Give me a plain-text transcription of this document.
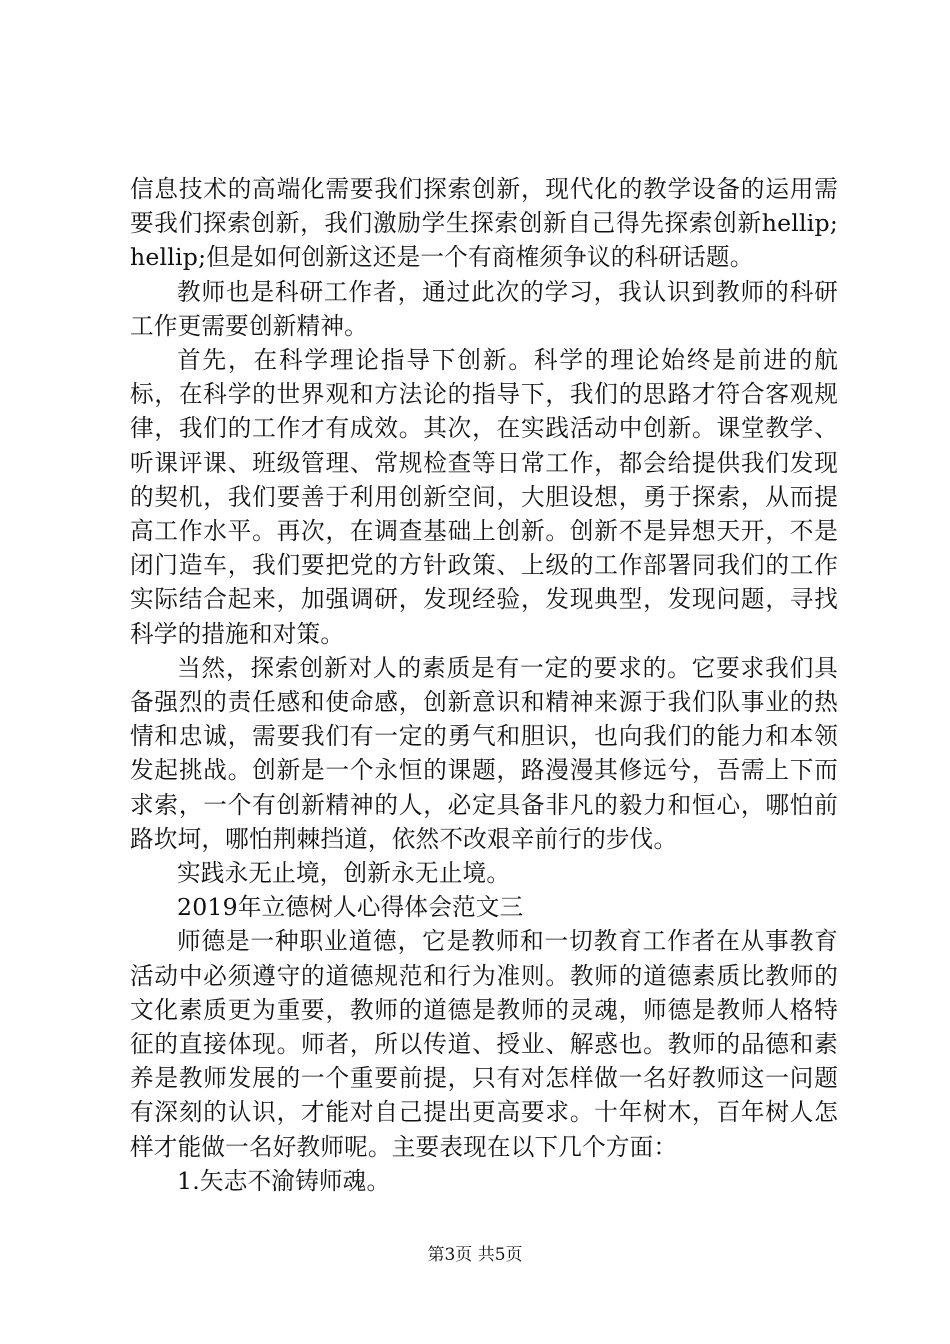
信息技术的高端化需要我们探索创新，现代化的教学设备的运用需要我们探索创新，我们激励学生探索创新自己得先探索创新hellip;hellip;但是如何创新这还是一个有商榷须争议的科研话题。

教师也是科研工作者，通过此次的学习，我认识到教师的科研工作更需要创新精神。

首先，在科学理论指导下创新。科学的理论始终是前进的航标，在科学的世界观和方法论的指导下，我们的思路才符合客观规律，我们的工作才有成效。其次，在实践活动中创新。课堂教学、听课评课、班级管理、常规检查等日常工作，都会给提供我们发现的契机，我们要善于利用创新空间，大胆设想，勇于探索，从而提高工作水平。再次，在调查基础上创新。创新不是异想天开，不是闭门造车，我们要把党的方针政策、上级的工作部署同我们的工作实际结合起来，加强调研，发现经验，发现典型，发现问题，寻找科学的措施和对策。

当然，探索创新对人的素质是有一定的要求的。它要求我们具备强烈的责任感和使命感，创新意识和精神来源于我们队事业的热情和忠诚，需要我们有一定的勇气和胆识，也向我们的能力和本领发起挑战。创新是一个永恒的课题，路漫漫其修远兮，吾需上下而求索，一个有创新精神的人，必定具备非凡的毅力和恒心，哪怕前路坎坷，哪怕荆棘挡道，依然不改艰辛前行的步伐。

实践永无止境，创新永无止境。

2019年立德树人心得体会范文三

师德是一种职业道德，它是教师和一切教育工作者在从事教育活动中必须遵守的道德规范和行为准则。教师的道德素质比教师的文化素质更为重要，教师的道德是教师的灵魂，师德是教师人格特征的直接体现。师者，所以传道、授业、解惑也。教师的品德和素养是教师发展的一个重要前提，只有对怎样做一名好教师这一问题有深刻的认识，才能对自己提出更高要求。十年树木，百年树人怎样才能做一名好教师呢。主要表现在以下几个方面：

1.矢志不渝铸师魂。

第3页 共5页
